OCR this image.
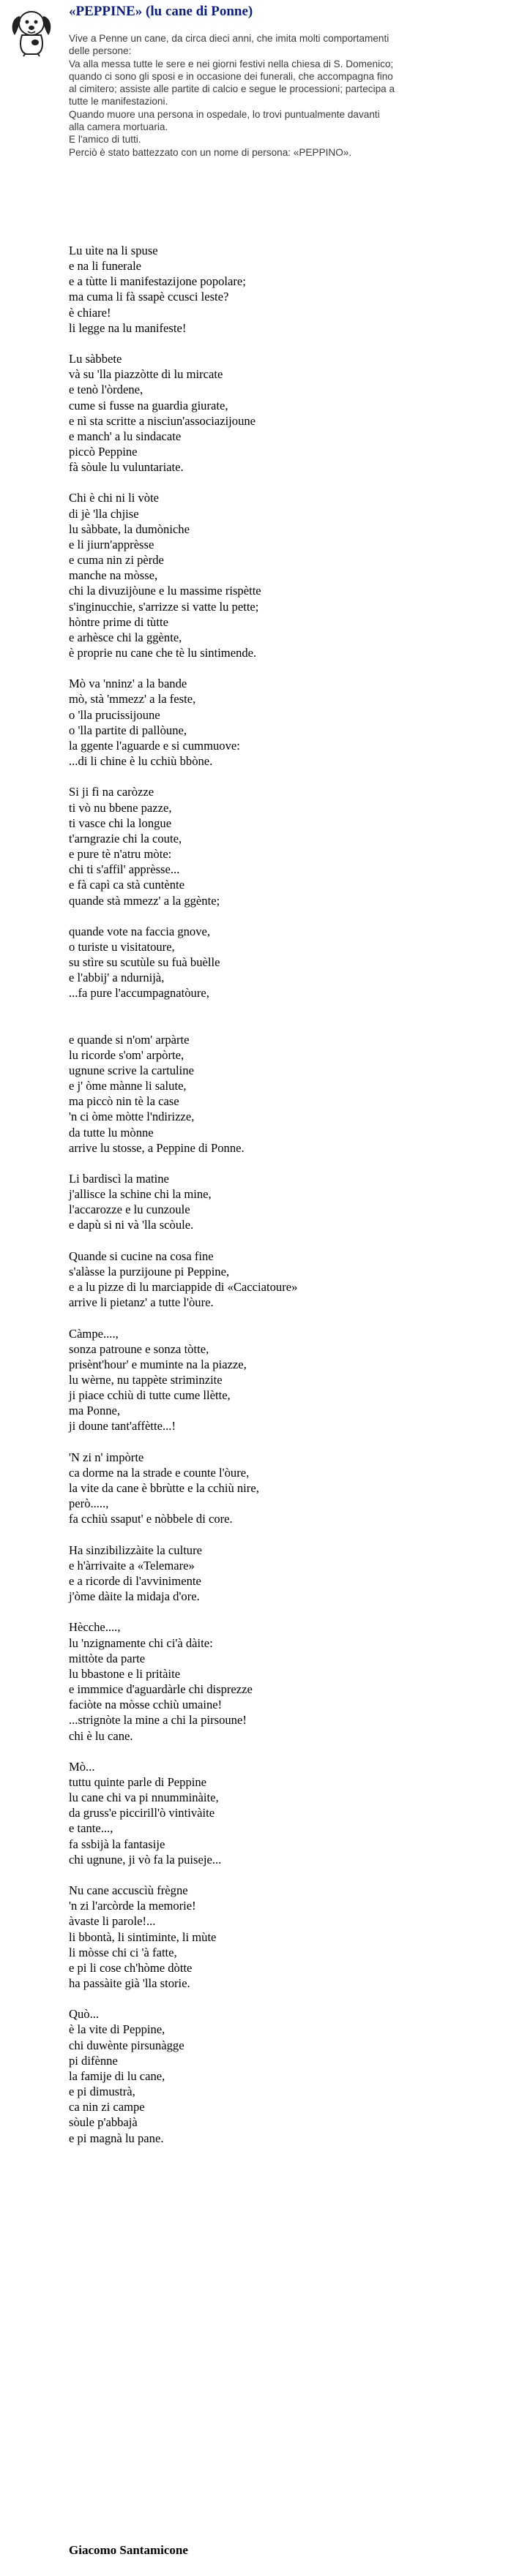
«PEPPINE» (lu cane di Ponne)
Vive a Penne un cane, da circa dieci anni, che imita molti comportamenti
delle persone:
Va alla messa tutte le sere e nei giorni festivi nella chiesa di S. Domenico;
quando ci sono gli sposi e in occasione dei funerali, che accompagna fino
al cimitero; assiste alle partite di calcio e segue le processioni; partecipa a
tutte le manifestazioni.
Quando muore una persona in ospedale, lo trovi puntualmente davanti
alla camera mortuaria.
E l'amico di tutti.
Perciò è stato battezzato con un nome di persona: «PEPPINO».
Lu uìte na li spuse
e na li funerale
e a tùtte li manifestazijone popolare;
ma cuma li fà ssapè ccusci leste?
è chiare!
li legge na lu manifeste!
Lu sàbbete
và su 'lla piazzòtte di lu mircate
e tenò l'òrdene,
cume si fusse na guardia giurate,
e nì sta scritte a nisciun'associazijoune
e manch' a lu sindacate
piccò Peppine
fà sòule lu vuluntariate.
Chi è chi ni li vòte
di jè 'lla chjise
lu sàbbate, la dumòniche
e li jiurn'apprèsse
e cuma nin zi pèrde
manche na mòsse,
chi la divuzijòune e lu massime rispètte
s'inginucchie, s'arrizze si vatte lu pette;
hòntre prime di tùtte
e arhèsce chi la ggènte,
è proprie nu cane che tè lu sintimende.
Mò va 'nninz' a la bande
mò, stà 'mmezz' a la feste,
o 'lla prucissijoune
o 'lla partite di pallòune,
la ggente l'aguarde e si cummuove:
...di li chine è lu cchiù bbòne.
Si ji fì na caròzze
ti vò nu bbene pazze,
ti vasce chi la longue
t'arngrazie chi la coute,
e pure tè n'atru mòte:
chi ti s'affil' apprèsse...
e fà capì ca stà cuntènte
quande stà mmezz' a la ggènte;
quande vote na faccia gnove,
o turiste u visitatoure,
su stìre su scutùle su fuà buèlle
e l'abbij' a ndurnijà,
...fa pure l'accumpagnatòure,
e quande si n'om' arpàrte
lu ricorde s'om' arpòrte,
ugnune scrive la cartuline
e j' òme mànne li salute,
ma piccò nin tè la case
'n ci òme mòtte l'ndirizze,
da tutte lu mònne
arrive lu stosse, a Peppine di Ponne.
Li bardiscì la matine
j'allisce la schine chi la mine,
l'accarozze e lu cunzoule
e dapù si ni và 'lla scòule.
Quande si cucine na cosa fine
s'alàsse la purzijoune pi Peppine,
e a lu pizze di lu marciappide di «Cacciatoure»
arrive li pietanz' a tutte l'òure.
Càmpe....,
sonza patroune e sonza tòtte,
prisènt'hour' e muminte na la piazze,
lu wèrne, nu tappète striminzite
ji piace cchiù di tutte cume llètte,
ma Ponne,
ji doune tant'affètte...!
'N zi n' impòrte
ca dorme na la strade e counte l'òure,
la vite da cane è bbrùtte e la cchiù nire,
però.....,
fa cchiù ssaput' e nòbbele di core.
Ha sinzibilizzàite la culture
e h'àrrivaite a «Telemare»
e a ricorde di l'avvinimente
j'òme dàite la midaja d'ore.
Hècche....,
lu 'nzignamente chi ci'à dàite:
mittòte da parte
lu bbastone e li pritàite
e immmice d'aguardàrle chi disprezze
faciòte na mòsse cchiù umaine!
...strignòte la mine a chi la pirsoune!
chi è lu cane.
Mò...
tuttu quinte parle di Peppine
lu cane chi va pi nnumminàite,
da gruss'e piccirill'ò vintivàite
e tante...,
fa ssbijà la fantasije
chi ugnune, ji vò fa la puiseje...
Nu cane accuscìù frègne
'n zi l'arcòrde la memorie!
àvaste li parole!...
li bbontà, li sintiminte, li mùte
li mòsse chi ci 'à fatte,
e pi li cose ch'hòme dòtte
ha passàite già 'lla storie.
Quò...
è la vite di Peppine,
chi duwènte pirsunàgge
pi difènne
la famije di lu cane,
e pi dimustrà,
ca nin zi campe
sòule p'abbajà
e pi magnà lu pane.
Giacomo Santamicone
